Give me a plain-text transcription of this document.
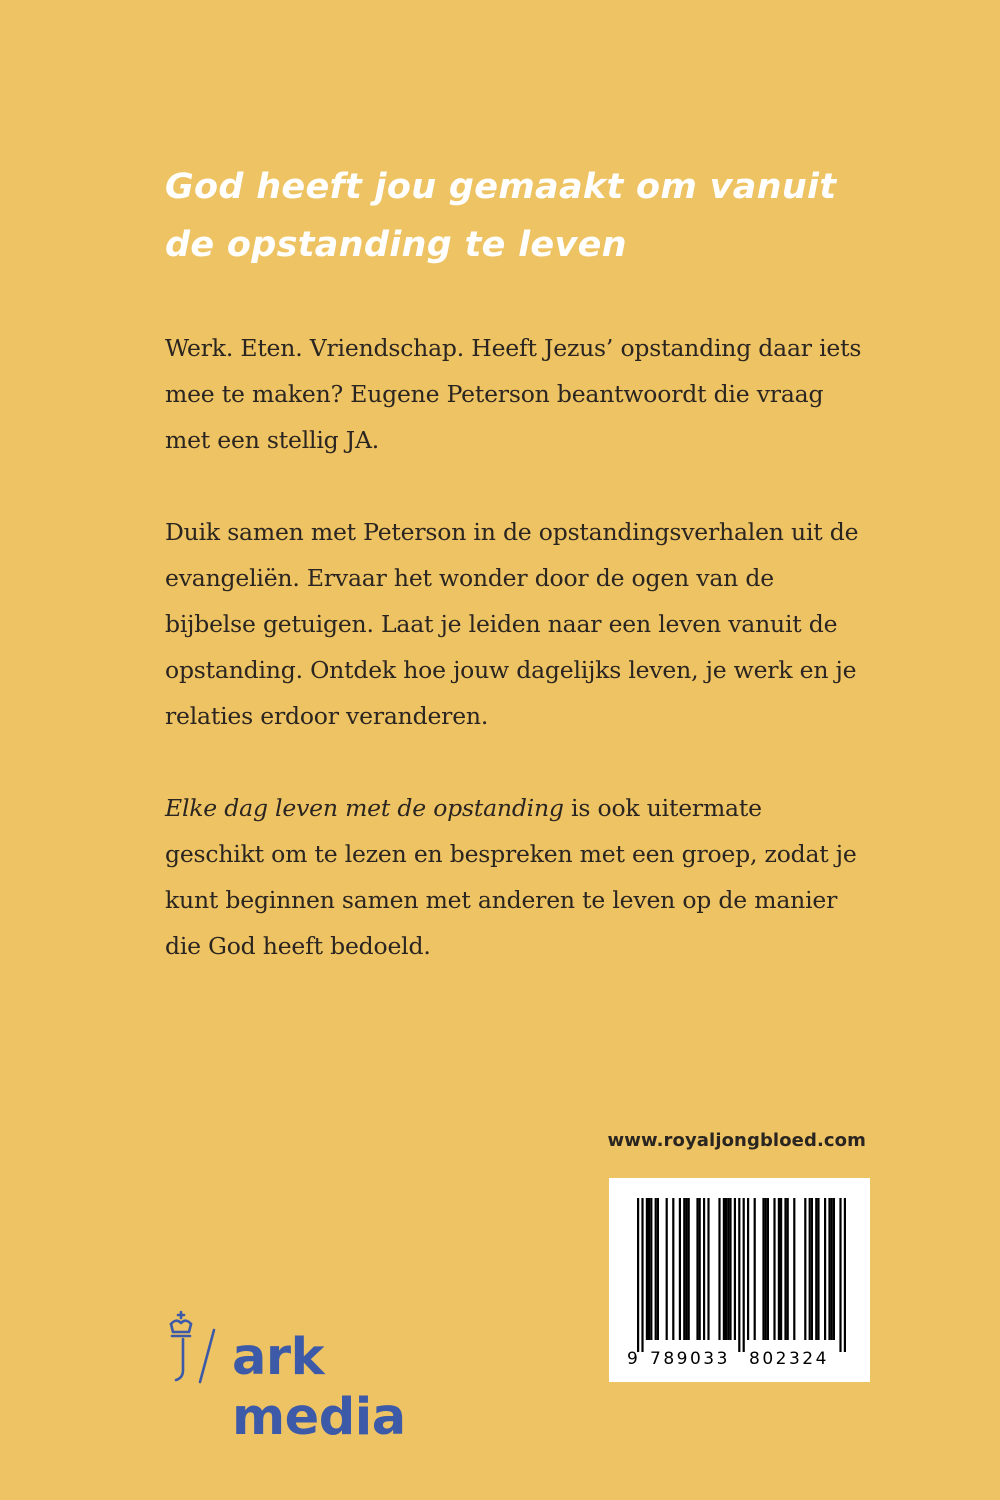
God heeft jou gemaakt om vanuit
de opstanding te leven

Werk. Eten. Vriendschap. Heeft Jezus’ opstanding daar iets mee te maken? Eugene Peterson beantwoordt die vraag met een stellig JA.

Duik samen met Peterson in de opstandingsverhalen uit de evangeliën. Ervaar het wonder door de ogen van de bijbelse getuigen. Laat je leiden naar een leven vanuit de opstanding. Ontdek hoe jouw dagelijks leven, je werk en je relaties erdoor veranderen.

Elke dag leven met de opstanding is ook uitermate geschikt om te lezen en bespreken met een groep, zodat je kunt beginnen samen met anderen te leven op de manier die God heeft bedoeld.

www.royaljongbloed.com
9 789033 802324
ark media
